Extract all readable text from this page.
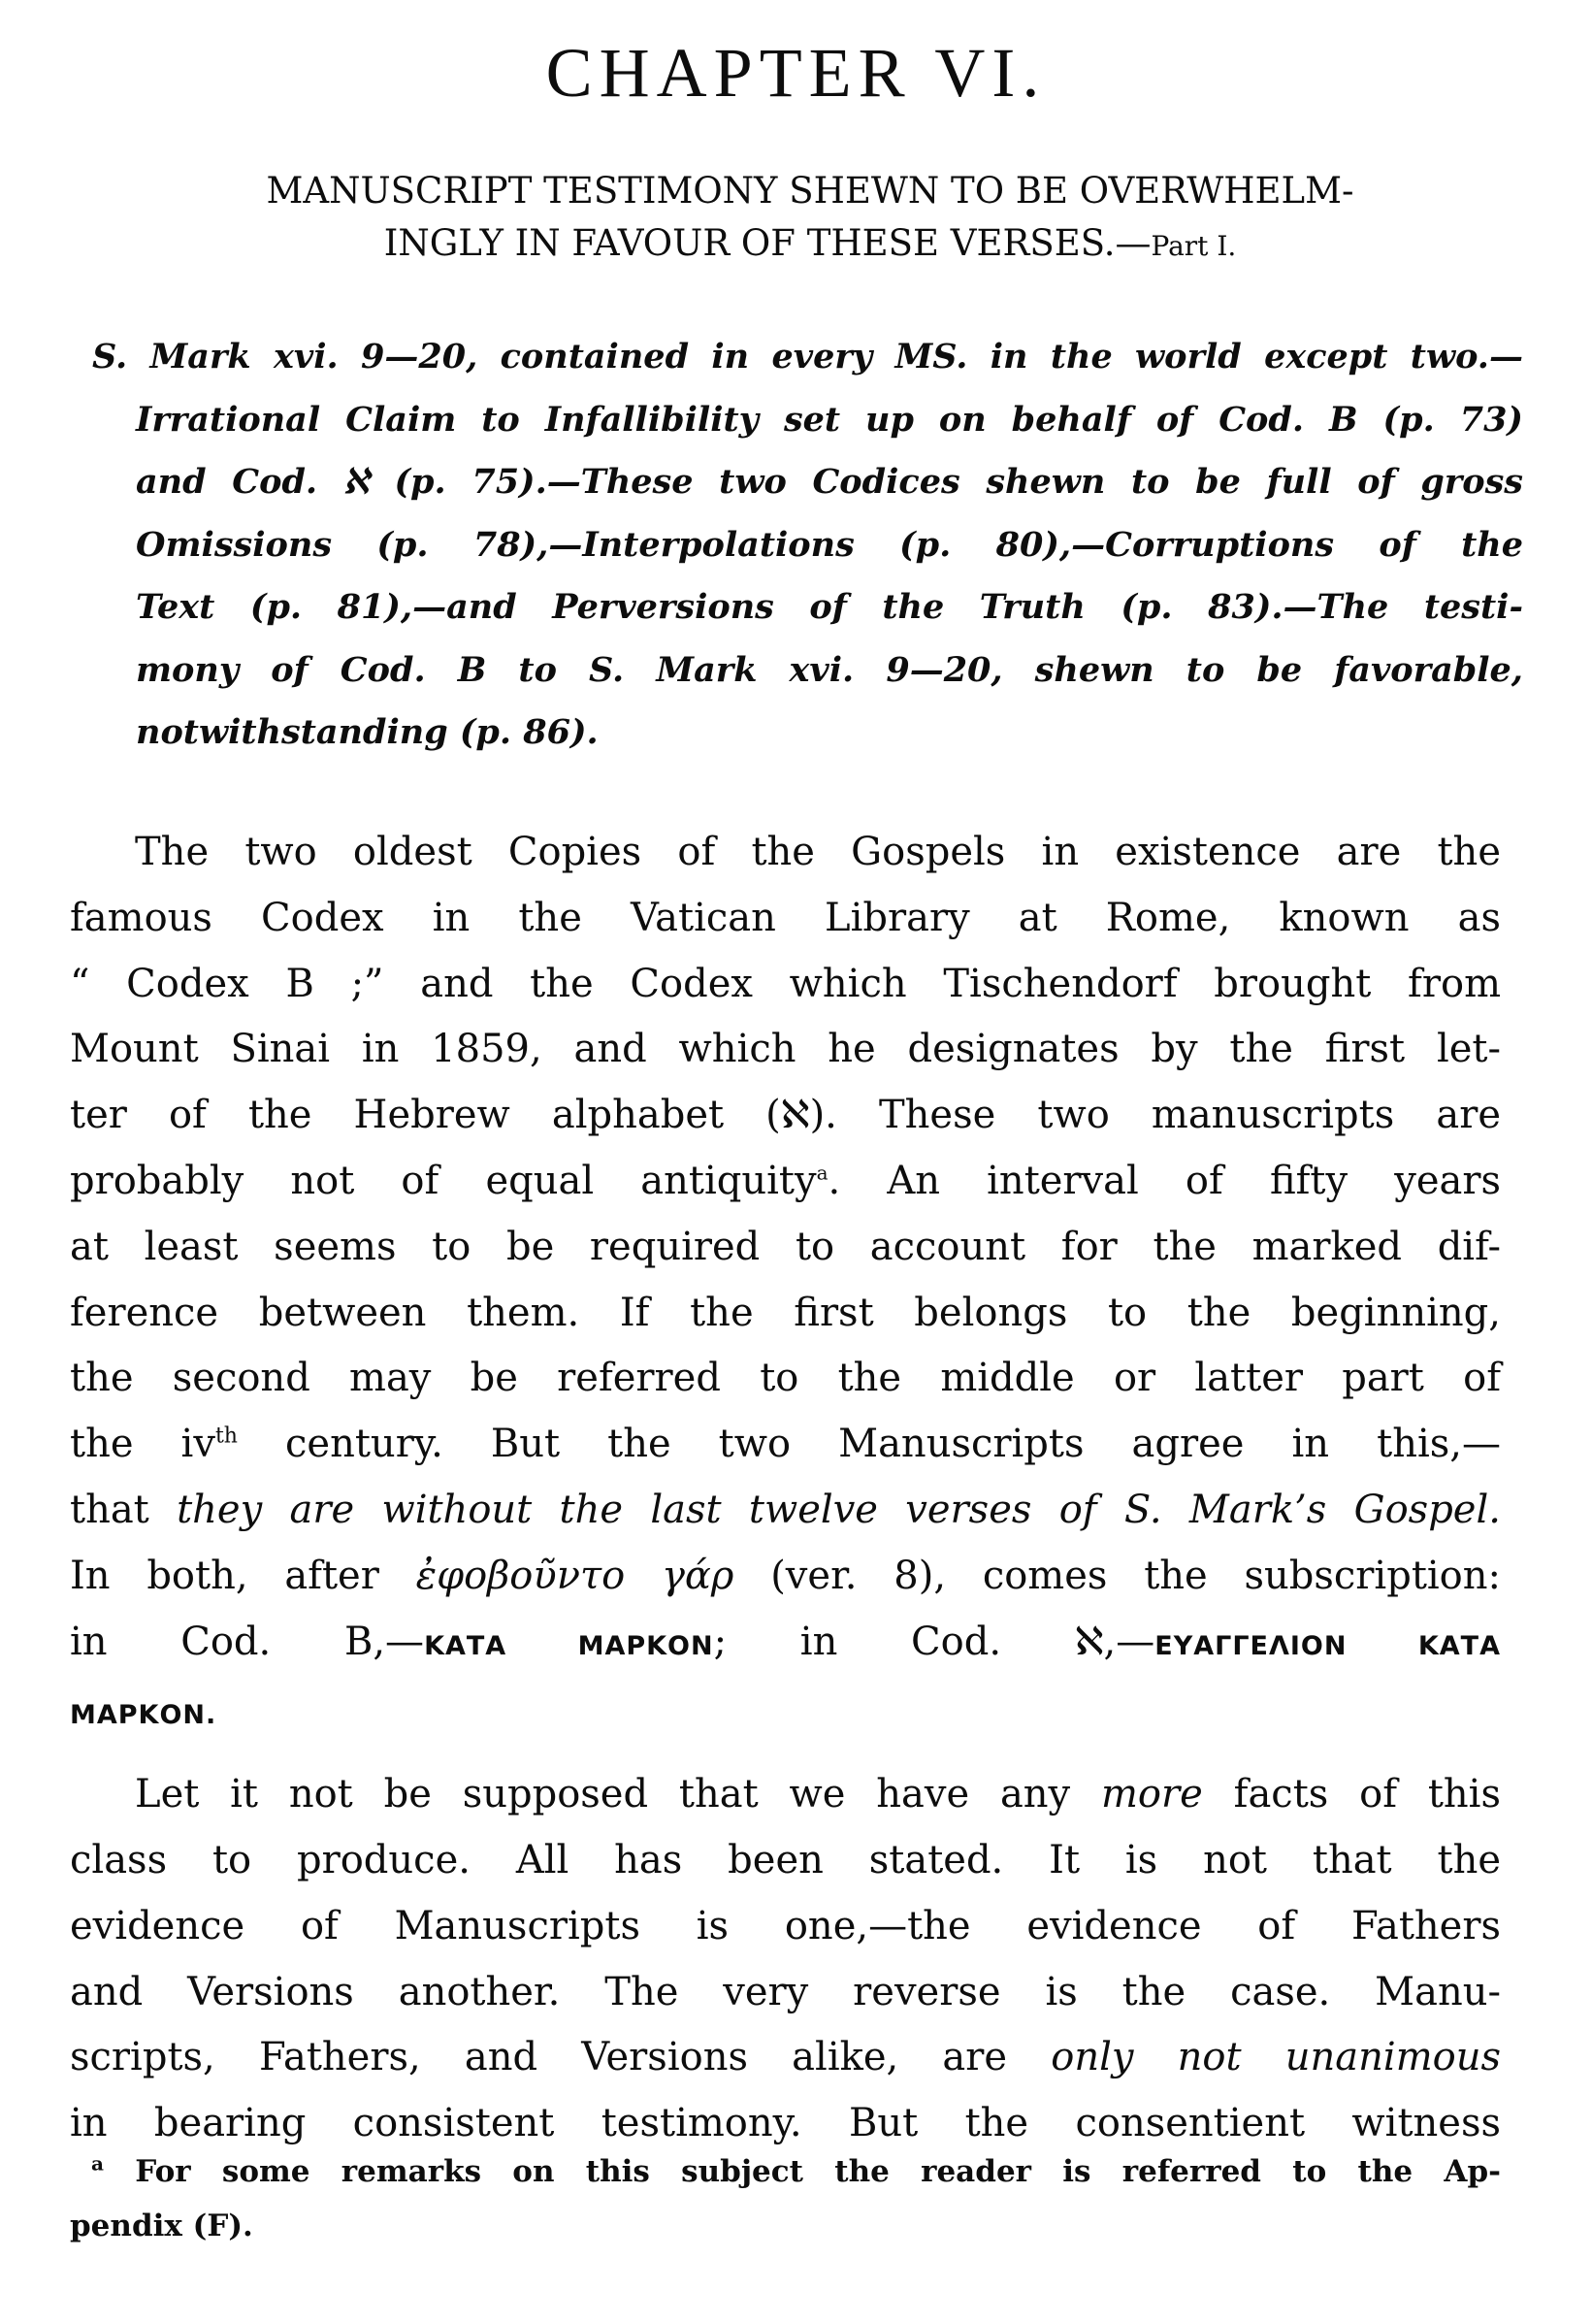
CHAPTER VI.
MANUSCRIPT TESTIMONY SHEWN TO BE OVERWHELM-
INGLY IN FAVOUR OF THESE VERSES.—Part I.
S. Mark xvi. 9—20, contained in every MS. in the world except two.—
Irrational Claim to Infallibility set up on behalf of Cod. B (p. 73)
and Cod. ℵ (p. 75).—These two Codices shewn to be full of gross
Omissions (p. 78),—Interpolations (p. 80),—Corruptions of the
Text (p. 81),—and Perversions of the Truth (p. 83).—The testi-
mony of Cod. B to S. Mark xvi. 9—20, shewn to be favorable,
notwithstanding (p. 86).
The two oldest Copies of the Gospels in existence are the
famous Codex in the Vatican Library at Rome, known as
“ Codex B ;” and the Codex which Tischendorf brought from
Mount Sinai in 1859, and which he designates by the first let-
ter of the Hebrew alphabet (ℵ). These two manuscripts are
probably not of equal antiquity$^a$. An interval of fifty years
at least seems to be required to account for the marked dif-
ference between them. If the first belongs to the beginning,
the second may be referred to the middle or latter part of
the $iv^{th}$ century. But the two Manuscripts agree in this,—
that they are without the last twelve verses of S. Mark’s Gospel.
In both, after ἐφοβοῦντο γάρ (ver. 8), comes the subscription:
in Cod. B,—ΚΑΤΑ ΜΑΡΚΟΝ; in Cod. ℵ,—ΕΥΑΓΓΕΛΙΟΝ ΚΑΤΑ
ΜΑΡΚΟΝ.
Let it not be supposed that we have any more facts of this
class to produce. All has been stated. It is not that the
evidence of Manuscripts is one,—the evidence of Fathers
and Versions another. The very reverse is the case. Manu-
scripts, Fathers, and Versions alike, are only not unanimous
in bearing consistent testimony. But the consentient witness
$^a$ For some remarks on this subject the reader is referred to the Ap-
pendix (F).
